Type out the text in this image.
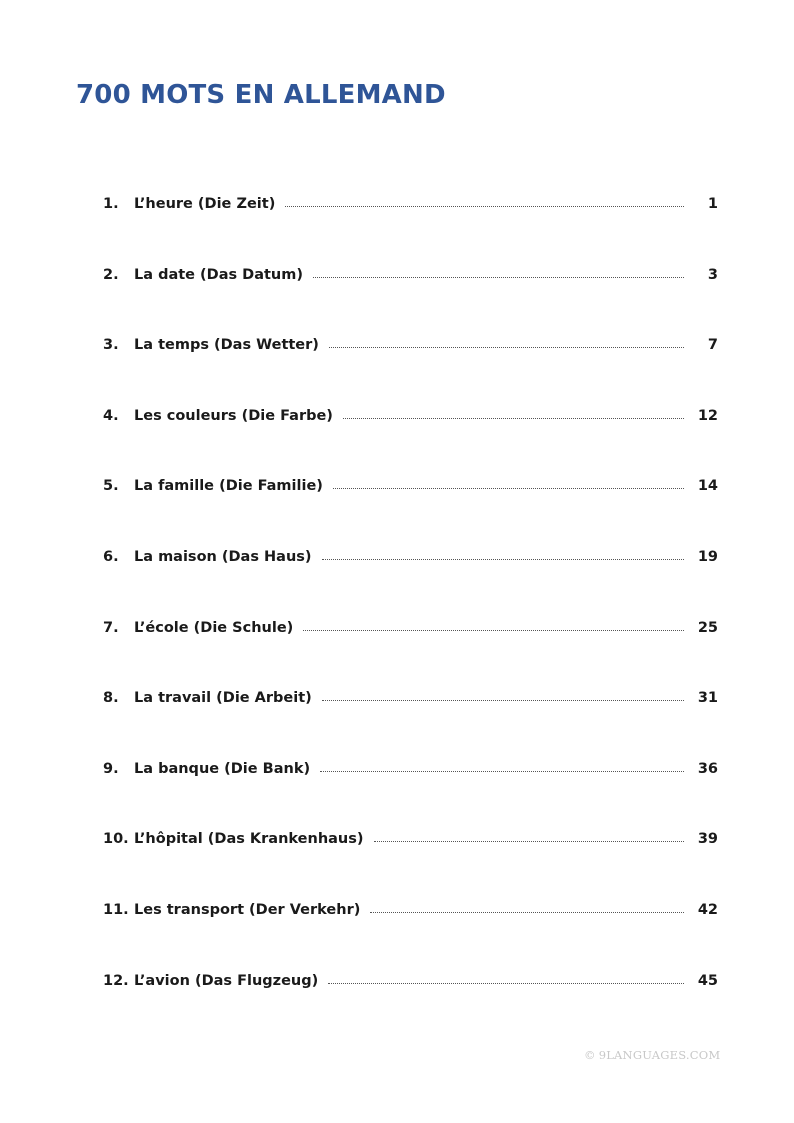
700 MOTS EN ALLEMAND
1.	L’heure (Die Zeit)	1
2.	La date (Das Datum)	3
3.	La temps (Das Wetter)	7
4.	Les couleurs (Die Farbe)	12
5.	La famille (Die Familie)	14
6.	La maison (Das Haus)	19
7.	L’école (Die Schule)	25
8.	La travail (Die Arbeit)	31
9.	La banque (Die Bank)	36
10. L’hôpital (Das Krankenhaus)	39
11. Les transport (Der Verkehr)	42
12. L’avion (Das Flugzeug)	45
© 9LANGUAGES.COM
